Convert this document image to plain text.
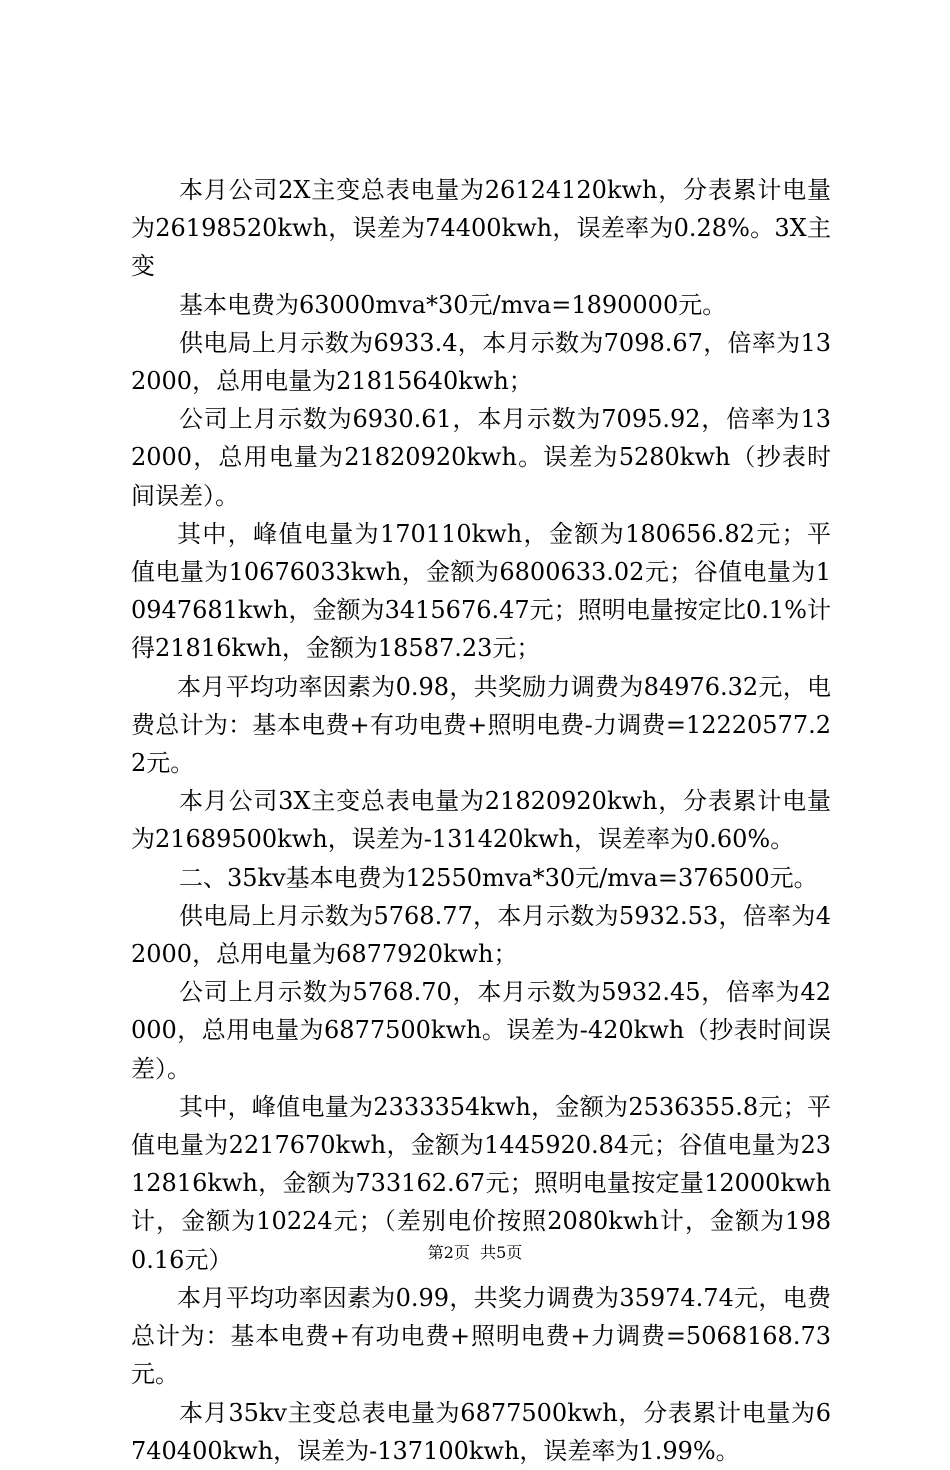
本月公司2X主变总表电量为26124120kwh，分表累计电量为26198520kwh，误差为74400kwh，误差率为0.28%。3X主变

基本电费为63000mva*30元/mva=1890000元。

供电局上月示数为6933.4，本月示数为7098.67，倍率为132000，总用电量为21815640kwh；

公司上月示数为6930.61，本月示数为7095.92，倍率为132000，总用电量为21820920kwh。误差为5280kwh（抄表时间误差）。

其中，峰值电量为170110kwh，金额为180656.82元；平值电量为10676033kwh，金额为6800633.02元；谷值电量为10947681kwh，金额为3415676.47元；照明电量按定比0.1%计得21816kwh，金额为18587.23元；

本月平均功率因素为0.98，共奖励力调费为84976.32元，电费总计为：基本电费+有功电费+照明电费-力调费=12220577.22元。

本月公司3X主变总表电量为21820920kwh，分表累计电量为21689500kwh，误差为-131420kwh，误差率为0.60%。

二、35kv基本电费为12550mva*30元/mva=376500元。

供电局上月示数为5768.77，本月示数为5932.53，倍率为42000，总用电量为6877920kwh；

公司上月示数为5768.70，本月示数为5932.45，倍率为42000，总用电量为6877500kwh。误差为-420kwh（抄表时间误差）。

其中，峰值电量为2333354kwh，金额为2536355.8元；平值电量为2217670kwh，金额为1445920.84元；谷值电量为2312816kwh，金额为733162.67元；照明电量按定量12000kwh计，金额为10224元；（差别电价按照2080kwh计，金额为1980.16元）

本月平均功率因素为0.99，共奖力调费为35974.74元，电费总计为：基本电费+有功电费+照明电费+力调费=5068168.73元。

本月35kv主变总表电量为6877500kwh，分表累计电量为6740400kwh，误差为-137100kwh，误差率为1.99%。

第2页  共5页
